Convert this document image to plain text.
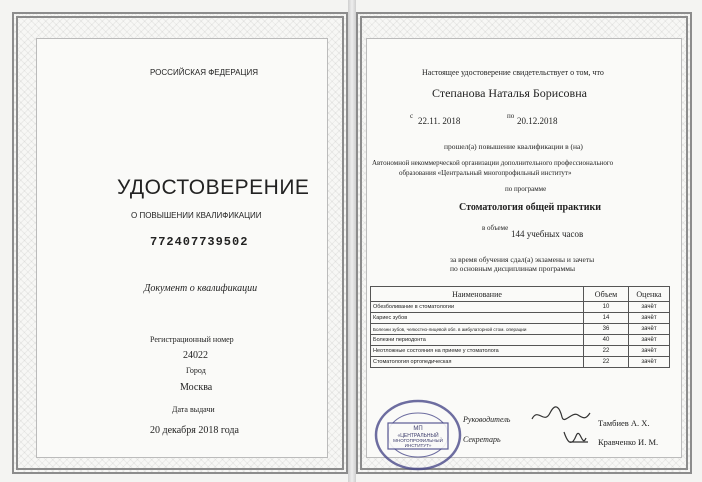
РОССИЙСКАЯ ФЕДЕРАЦИЯ
УДОСТОВЕРЕНИЕ
О ПОВЫШЕНИИ КВАЛИФИКАЦИИ
772407739502
Документ о квалификации
Регистрационный номер
24022
Город
Москва
Дата выдачи
20 декабря 2018 года
Настоящее удостоверение свидетельствует о том, что
Степанова Наталья Борисовна
с 22.11. 2018	по 20.12.2018
прошел(а) повышение квалификации в (на)
Автономной некоммерческой организации дополнительного профессионального
образования «Центральный многопрофильный институт»
по программе
Стоматология общей практики
в объеме
144 учебных часов
за время обучения сдал(а) экзамены и зачеты
по основным дисциплинам программы
Наименование	Объем	Оценка
Обезболивание в стоматологии	10	зачёт
Кариес зубов	14	зачёт
Болезни зубов, челюстно-лицевой обл. в амбулаторной стом. операции	36	зачёт
Болезни периодонта	40	зачёт
Неотложные состояния на приеме у стоматолога	22	зачёт
Стоматология ортопедическая	22	зачёт
МП
«ЦЕНТРАЛЬНЫЙ
МНОГОПРОФИЛЬНЫЙ
ИНСТИТУТ»
Руководитель	Тамбиев А. Х.
Секретарь	Кравченко И. М.
